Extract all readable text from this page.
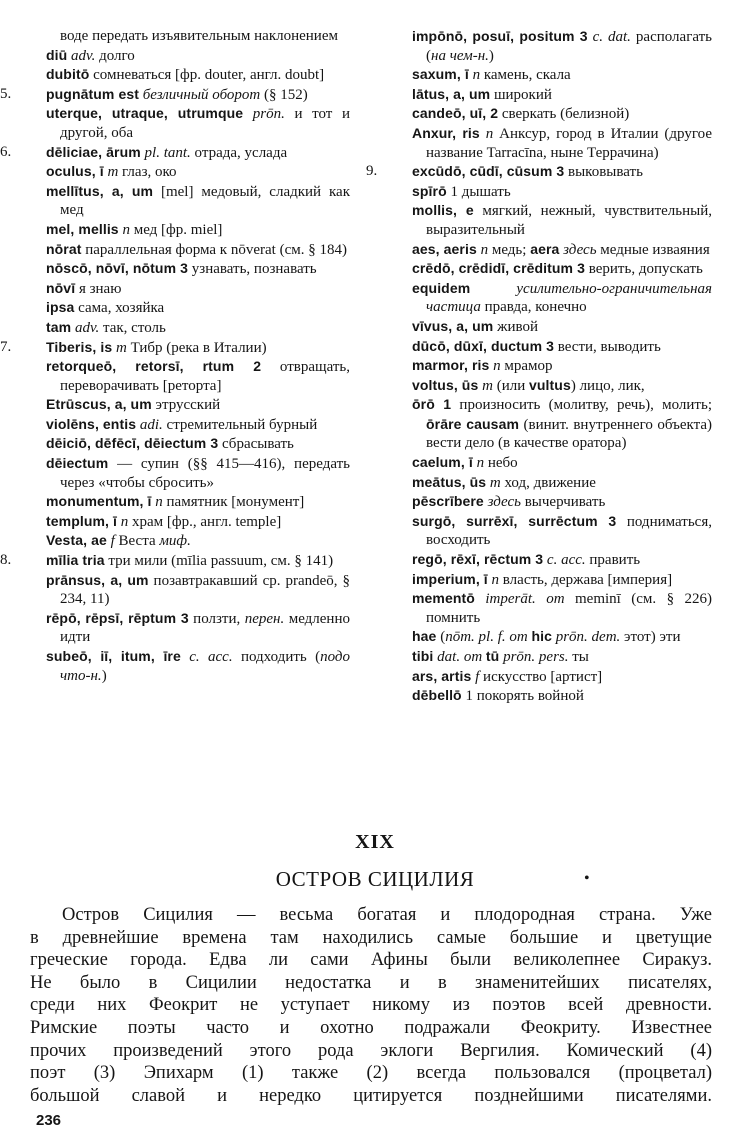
воде передать изъявительным наклонением

diū adv. долго

dubitō сомневаться [фр. douter, англ. doubt]

5. pugnātum est безличный оборот (§ 152)

uterque, utraque, utrumque prōn. и тот и другой, оба

6. dēliciae, ārum pl. tant. отрада, услада

oculus, ī m глаз, око

mellītus, a, um [mel] медовый, сладкий как мед

mel, mellis n мед [фр. miel]

nōrat параллельная форма к nōverat (см. § 184)

nōscō, nōvī, nōtum 3 узнавать, познавать

nōvī я знаю

ipsa сама, хозяйка

tam adv. так, столь

7. Tiberis, is m Тибр (река в Италии)

retorqueō, retorsī, rtum 2 отвращать, переворачивать [реторта]

Etrūscus, a, um этрусский

violēns, entis adi. стремительный бурный

dēiciō, dēfēcī, dēiectum 3 сбрасывать

dēiectum — супин (§§ 415—416), передать через «чтобы сбросить»

monumentum, ī n памятник [монумент]

templum, ī n храм [фр., англ. temple]

Vesta, ae f Веста миф.

8. mīlia tria три мили (mīlia passuum, см. § 141)

prānsus, a, um позавтракавший ср. prandeō, § 234, 11)

rēpō, rēpsī, rēptum 3 ползти, перен. медленно идти

subeō, iī, itum, īre c. acc. подходить (подо что-н.)

impōnō, posuī, positum 3 c. dat. располагать (на чем-н.)

saxum, ī n камень, скала

lātus, a, um широкий

candeō, uī, 2 сверкать (белизной)

Anxur, ris n Анксур, город в Италии (другое название Tarracīna, ныне Террачина)

9. excūdō, cūdī, cūsum 3 выковывать

spīrō 1 дышать

mollis, e мягкий, нежный, чувствительный, выразительный

aes, aeris n медь; aera здесь медные изваяния

crēdō, crēdidī, crēditum 3 верить, допускать

equidem	усилительно-ограничительная частица правда, конечно

vīvus, a, um живой

dūcō, dūxī, ductum 3 вести, выводить

marmor, ris n мрамор

voltus, ūs m (или vultus) лицо, лик,

ōrō 1 произносить (молитву, речь), молить; ōrāre causam (винит. внутреннего объекта) вести дело (в качестве оратора)

caelum, ī n небо

meātus, ūs m ход, движение

pēscrībere здесь вычерчивать

surgō, surrēxī, surrēctum 3 подниматься, восходить

regō, rēxī, rēctum 3 c. acc. править

imperium, ī n власть, держава [империя]

mementō imperāt. om meminī (см. § 226) помнить

hae (nōm. pl. f. om hic prōn. dem. этот) эти

tibi dat. om tū prōn. pers. ты

ars, artis f искусство [артист]

dēbellō 1 покорять войной

XIX
ОСТРОВ СИЦИЛИЯ	•
Остров Сицилия — весьма богатая и плодородная страна. Уже
в древнейшие времена там находились самые большие и цветущие
греческие города. Едва ли сами Афины были великолепнее Сиракуз.
Не было в Сицилии недостатка и в знаменитейших писателях,
среди них Феокрит не уступает никому из поэтов всей древности.
Римские поэты часто и охотно подражали Феокриту. Известнее
прочих произведений этого рода эклоги Вергилия. Комический (4)
поэт (3) Эпихарм (1) также (2) всегда пользовался (процветал)
большой славой и нередко цитируется позднейшими писателями.
236
